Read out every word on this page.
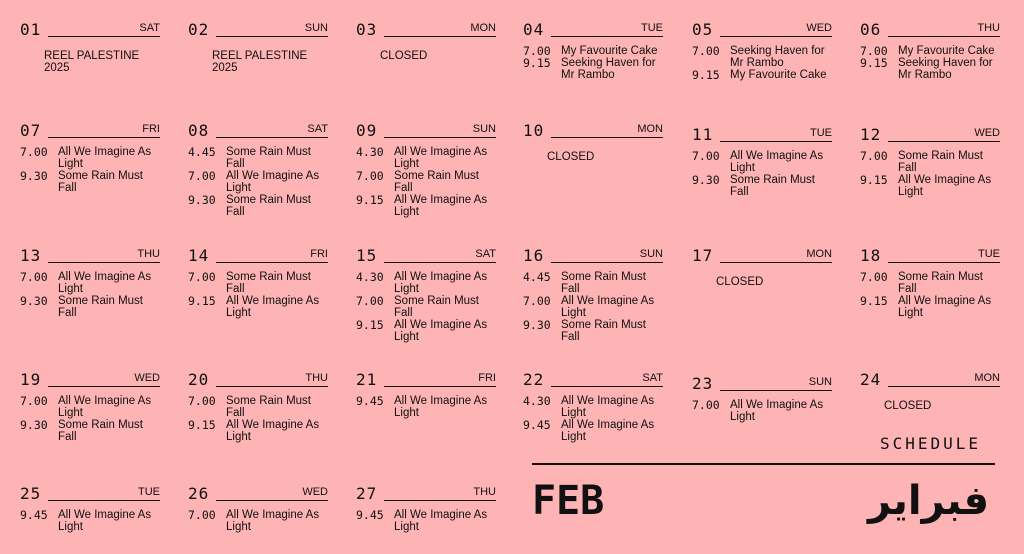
01	SAT
REEL PALESTINE 2025
02	SUN
REEL PALESTINE 2025
03	MON
CLOSED
04	TUE
7.00 My Favourite Cake
9.15 Seeking Haven for Mr Rambo
05	WED
7.00 Seeking Haven for Mr Rambo
9.15 My Favourite Cake
06	THU
7.00 My Favourite Cake
9.15 Seeking Haven for Mr Rambo
07	FRI
7.00 All We Imagine As Light
9.30 Some Rain Must Fall
08	SAT
4.45 Some Rain Must Fall
7.00 All We Imagine As Light
9.30 Some Rain Must Fall
09	SUN
4.30 All We Imagine As Light
7.00 Some Rain Must Fall
9.15 All We Imagine As Light
10	MON
CLOSED
11	TUE
7.00 All We Imagine As Light
9.30 Some Rain Must Fall
12	WED
7.00 Some Rain Must Fall
9.15 All We Imagine As Light
13	THU
7.00 All We Imagine As Light
9.30 Some Rain Must Fall
14	FRI
7.00 Some Rain Must Fall
9.15 All We Imagine As Light
15	SAT
4.30 All We Imagine As Light
7.00 Some Rain Must Fall
9.15 All We Imagine As Light
16	SUN
4.45 Some Rain Must Fall
7.00 All We Imagine As Light
9.30 Some Rain Must Fall
17	MON
CLOSED
18	TUE
7.00 Some Rain Must Fall
9.15 All We Imagine As Light
19	WED
7.00 All We Imagine As Light
9.30 Some Rain Must Fall
20	THU
7.00 Some Rain Must Fall
9.15 All We Imagine As Light
21	FRI
9.45 All We Imagine As Light
22	SAT
4.30 All We Imagine As Light
9.45 All We Imagine As Light
23	SUN
7.00 All We Imagine As Light
24	MON
CLOSED
25	TUE
9.45 All We Imagine As Light
26	WED
7.00 All We Imagine As Light
27	THU
9.45 All We Imagine As Light
SCHEDULE
FEB	فبراير
